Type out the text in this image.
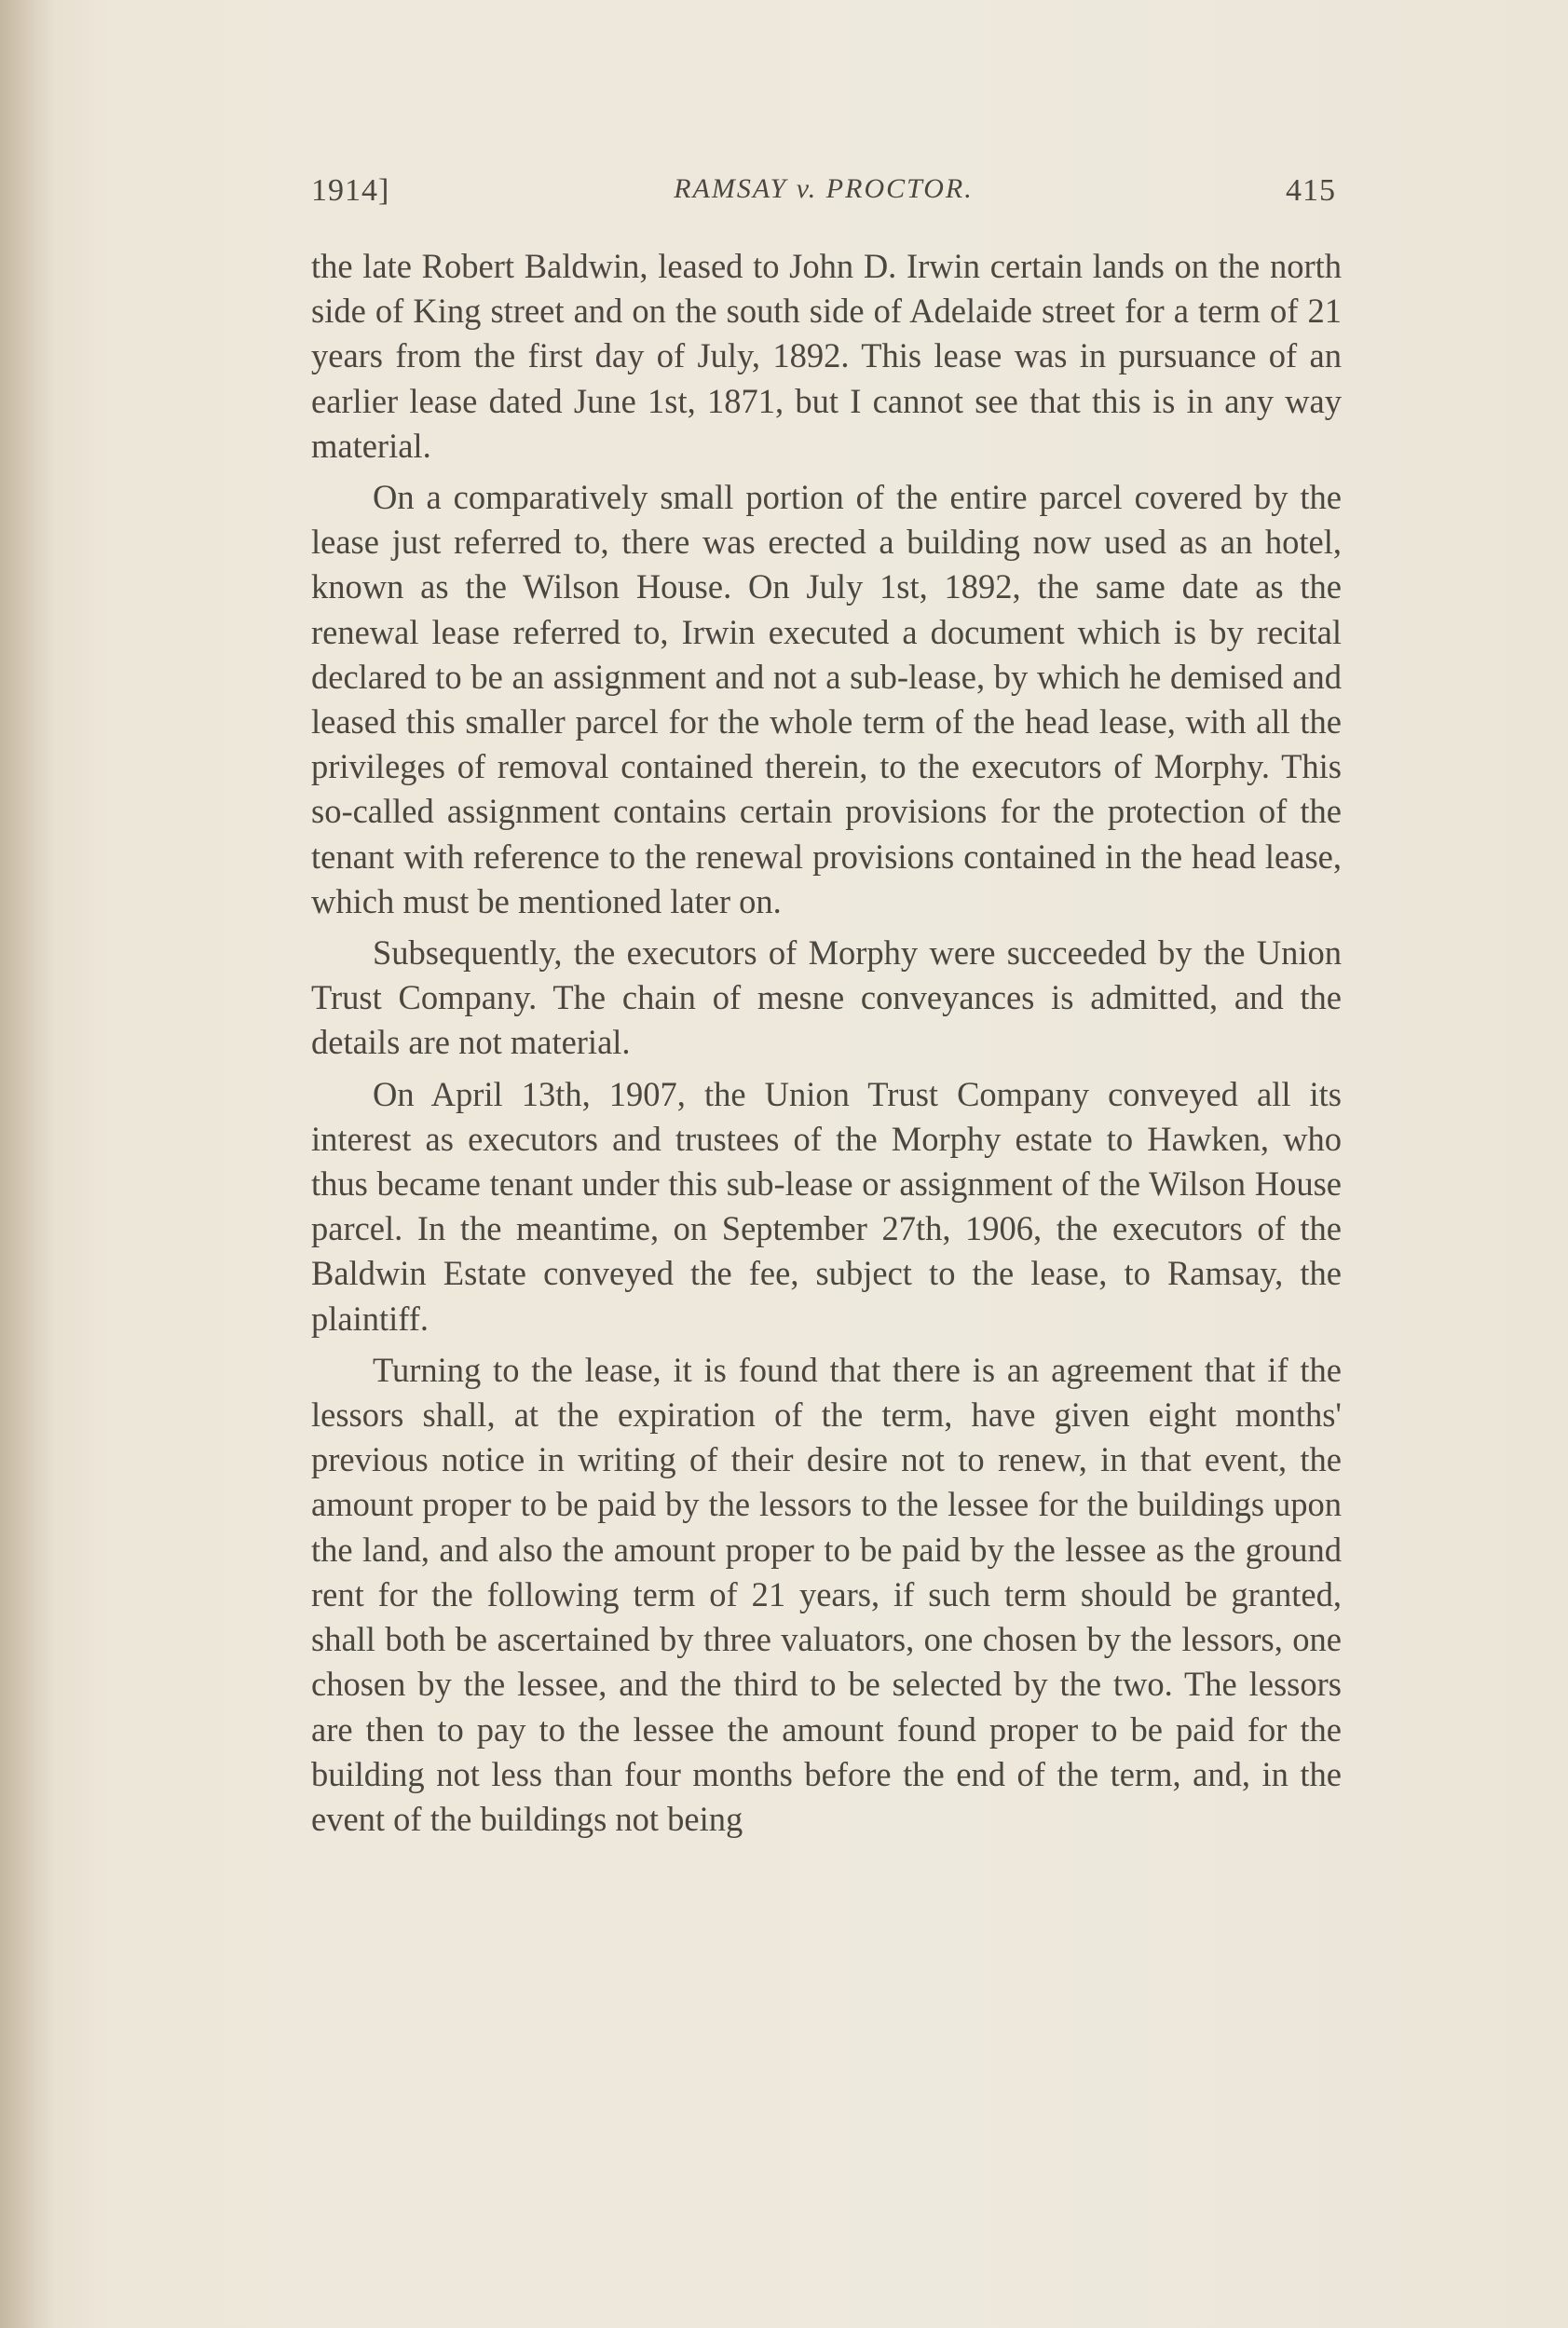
1914]	RAMSAY v. PROCTOR.	415

the late Robert Baldwin, leased to John D. Irwin certain lands on the north side of King street and on the south side of Adelaide street for a term of 21 years from the first day of July, 1892. This lease was in pursuance of an earlier lease dated June 1st, 1871, but I cannot see that this is in any way material.

On a comparatively small portion of the entire parcel covered by the lease just referred to, there was erected a building now used as an hotel, known as the Wilson House. On July 1st, 1892, the same date as the renewal lease referred to, Irwin executed a document which is by recital declared to be an assignment and not a sub-lease, by which he demised and leased this smaller parcel for the whole term of the head lease, with all the privileges of removal contained therein, to the executors of Morphy. This so-called assignment contains certain provisions for the protection of the tenant with reference to the renewal provisions contained in the head lease, which must be mentioned later on.

Subsequently, the executors of Morphy were succeeded by the Union Trust Company. The chain of mesne conveyances is admitted, and the details are not material.

On April 13th, 1907, the Union Trust Company conveyed all its interest as executors and trustees of the Morphy estate to Hawken, who thus became tenant under this sub-lease or assignment of the Wilson House parcel. In the meantime, on September 27th, 1906, the executors of the Baldwin Estate conveyed the fee, subject to the lease, to Ramsay, the plaintiff.

Turning to the lease, it is found that there is an agreement that if the lessors shall, at the expiration of the term, have given eight months' previous notice in writing of their desire not to renew, in that event, the amount proper to be paid by the lessors to the lessee for the buildings upon the land, and also the amount proper to be paid by the lessee as the ground rent for the following term of 21 years, if such term should be granted, shall both be ascertained by three valuators, one chosen by the lessors, one chosen by the lessee, and the third to be selected by the two. The lessors are then to pay to the lessee the amount found proper to be paid for the building not less than four months before the end of the term, and, in the event of the buildings not being
